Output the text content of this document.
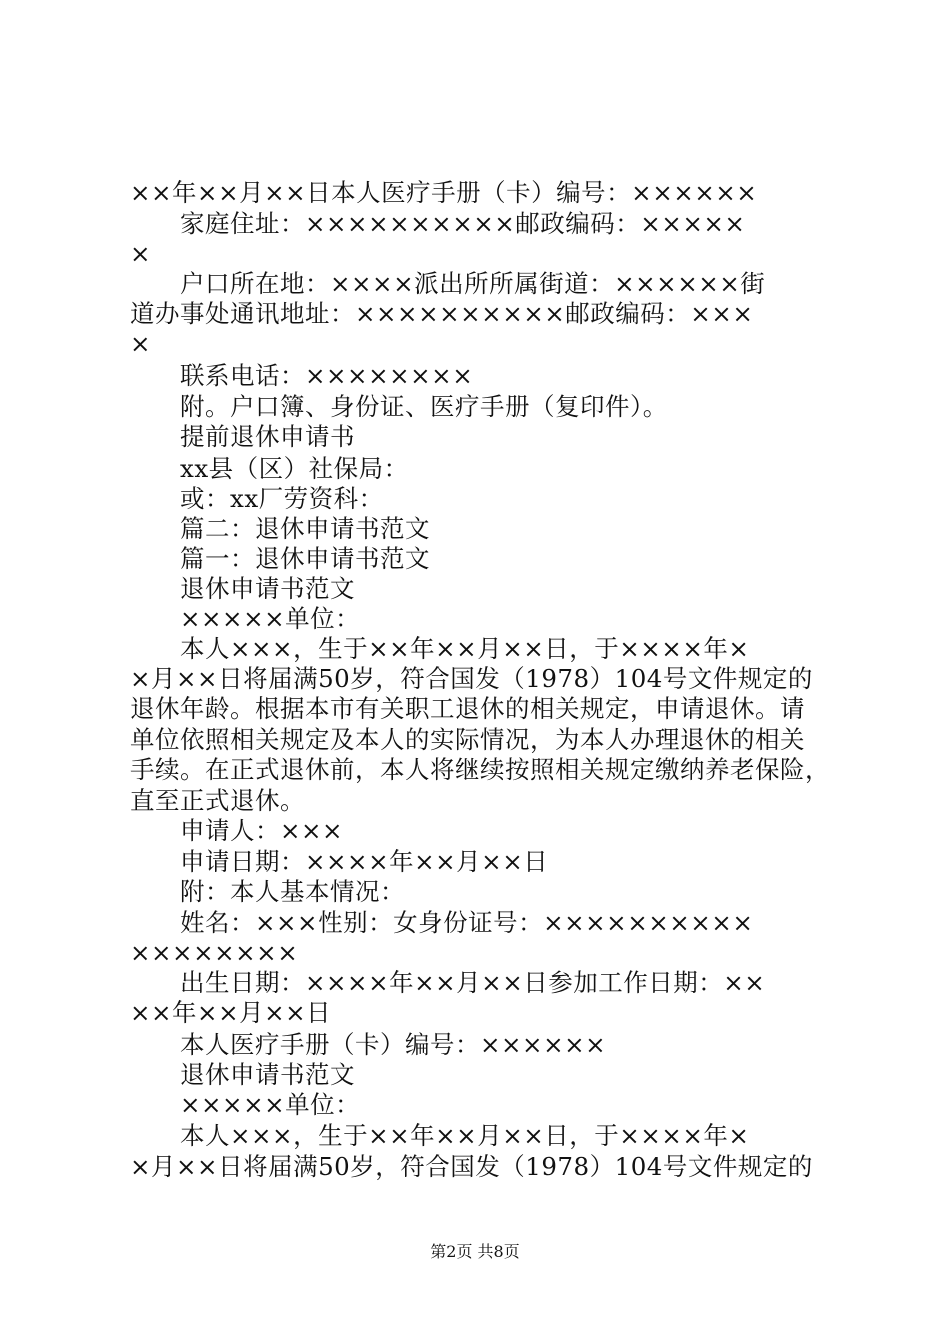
××年××月××日本人医疗手册（卡）编号：××××××
家庭住址：××××××××××邮政编码：×××××
×
户口所在地：××××派出所所属街道：××××××街
道办事处通讯地址：××××××××××邮政编码：×××
×
联系电话：××××××××
附。户口簿、身份证、医疗手册（复印件）。
提前退休申请书
xx县（区）社保局：
或：xx厂劳资科：
篇二：退休申请书范文
篇一：退休申请书范文
退休申请书范文
×××××单位：
本人×××，生于××年××月××日，于××××年×
×月××日将届满50岁，符合国发（1978）104号文件规定的
退休年龄。根据本市有关职工退休的相关规定，申请退休。请
单位依照相关规定及本人的实际情况，为本人办理退休的相关
手续。在正式退休前，本人将继续按照相关规定缴纳养老保险，
直至正式退休。
申请人：×××
申请日期：××××年××月××日
附：本人基本情况：
姓名：×××性别：女身份证号：××××××××××
××××××××
出生日期：××××年××月××日参加工作日期：××
××年××月××日
本人医疗手册（卡）编号：××××××
退休申请书范文
×××××单位：
本人×××，生于××年××月××日，于××××年×
×月××日将届满50岁，符合国发（1978）104号文件规定的
第2页 共8页
